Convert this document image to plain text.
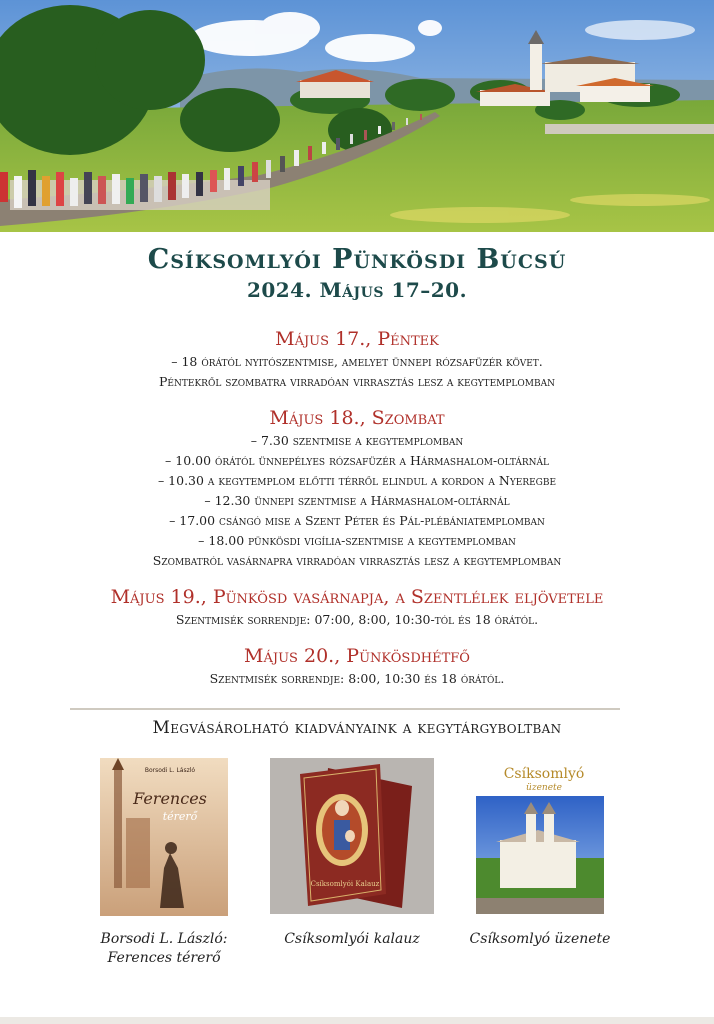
Csíksomlyói Pünkösdi Búcsú
2024. Május 17–20.
Május 17., Péntek
– 18 órától nyitószentmise, amelyet ünnepi rózsafüzér követ.
Péntekről szombatra virradóan virrasztás lesz a kegytemplomban
Május 18., Szombat
– 7.30 szentmise a kegytemplomban
– 10.00 órától ünnepélyes rózsafüzér a Hármashalom-oltárnál
– 10.30 a kegytemplom előtti térről elindul a kordon a Nyeregbe
– 12.30 ünnepi szentmise a Hármashalom-oltárnál
– 17.00 csángó mise a Szent Péter és Pál-plébániatemplomban
– 18.00 pünkösdi vigília-szentmise a kegytemplomban
Szombatról vasárnapra virradóan virrasztás lesz a kegytemplomban
Május 19., Pünkösd vasárnapja, a Szentlélek eljövetele
Szentmisék sorrendje: 07:00, 8:00, 10:30-tól és 18 órától.
Május 20., Pünkösdhétfő
Szentmisék sorrendje: 8:00, 10:30 és 18 órától.
Megvásárolható kiadványaink a kegytárgyboltban
Borsodi L. László
Ferences
térerő
Borsodi L. László:
Ferences térerő
Csíksomlyói Kalauz
Csíksomlyói kalauz
Csíksomlyó
üzenete
Csíksomlyó üzenete
